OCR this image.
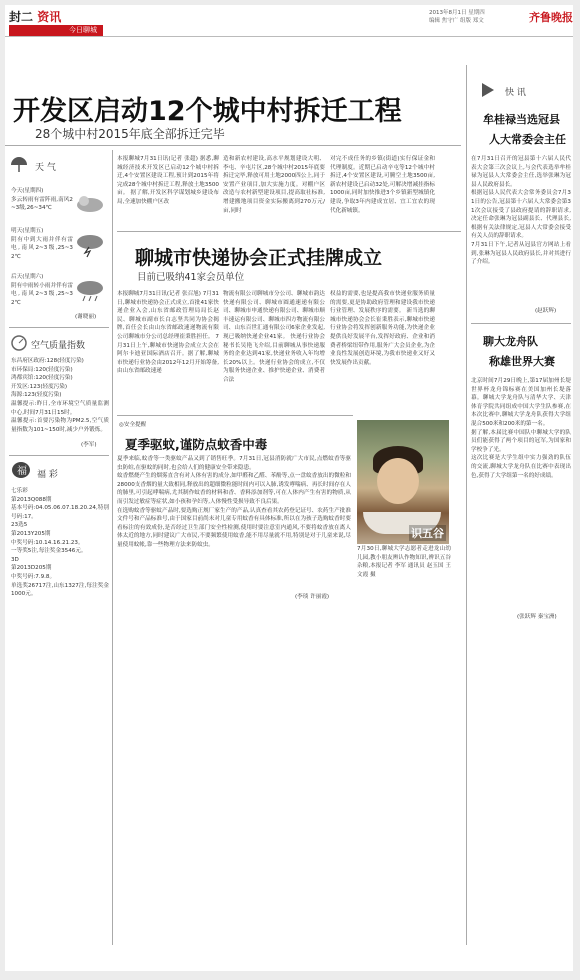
封二 资讯
今日聊城
2013年8月1日 星期四
编辑 焦守广 组版 郑文	齐鲁晚报
开发区启动12个城中村拆迁工程
28个城中村2015年底全部拆迁完毕
本报聊城7月31日讯(记者 张超) 据悉,聊城经济技术开发区已启动12个城中村拆迁,4个安置区建设工程,预计到2015年将完成28个城中村拆迁工程,释放土地3500亩。 据了解,开发区科学谋划城乡建设布局,全速加快棚户区改
造和新农村建设,高水平规划建设大明、李屯、辛屯片区,28个城中村2015年底要拆迁完毕,释放可用土地2000四公上,同于安置产业项目,加大实施力度。对棚户区改造与农村新型建设项目,提高取社标准,增建搬地项目资金实际搬离到270万元/亩,同时
对完不成任务的乡镇(街道)实行保证金和代理制度。近期已启动辛屯等12个城中村拆迁,4个安置区建设,可腾空土地3500亩,新农村建设已启动32处,可解决增减挂指标1000亩,同时加快推进3个乡镇新型城镇化建设,争取3年内建成宜居、宜工宜农的现代化新城镇。
天 气
今天(星期四)
多云转雨有雷阵雨,南风2~3级,26~34℃
明天(星期五)
阴有中到大雨并伴有雷电,南风2~3级,25~32℃
后天(星期六)
阴有中雨转小雨并伴有雷电,南风2~3级,25~32℃
(谢晓丽)
空气质量指数
东昌府区政府:128(轻度污染)
市环保局:120(轻度污染)
鸿都宾馆:120(轻度污染)
开发区:123(轻度污染)
海源:123(轻度污染)
温馨提示:昨日,全市环境空气质量监测中心,时间7月31日15时。
温馨提示:首要污染物为PM2.5,空气质量指数为101~150时,减少户外锻炼。
(李军)
福 福 彩
七乐彩
第2013Q088期
基本号码:04.05.06.07.18.20.24,特别号码:17。
23选5
第2013Y205期
中奖号码:10.14.16.21.23。
一等奖5注,每注奖金3546元。
3D
第2013D205期
中奖号码:7.9.8。
单选奖26717注,山东1327注,每注奖金1000元。
聊城市快递协会正式挂牌成立
目前已吸纳41家会员单位
本报聊城7月31日讯(记者 张召旭) 7月31日,聊城市快递协会正式成立,首批41家快递企业入会,山东省邮政管理局局长赵民、聊城市副市长白志坚共同为协会揭牌,首任会长由山东省邮政速递物流有限公司聊城市分公司总经理崔秉胜担任。 7月31日上午,聊城市快递协会成立大会在阿尔卡迪亚国际酒店召开。据了解,聊城市快递行业协会由2012年12月开始筹备,由山东省邮政速递
物流有限公司聊城市分公司、聊城市韵达快递有限公司、聊城市圆通速递有限公司、聊城市申通快递有限公司、聊城市顺丰速运有限公司、聊城市四方物流有限公司、山东百世汇通有限公司6家企业发起,现已吸纳快递企业41家。 快递行业协会秘书长吴艳飞介绍,目前聊城从事快递服务的企业达到41家,快递业务收入年均增长20%以上。快递行业协会的成立,不仅为服务快递企业、推护快递企业、消费者合法
权益的需要,也是提高我市快递业服务质量的需要,更是协助政府管理和建设我市快递行业管理、发展秩序的需要。 新当选的聊城市快递协会会长崔秉胜表示,聊城市快递行业协会将发挥创新服务功能,为快递企业提供良好发展平台,发挥好政府、企业和消费者桥梁纽带作用,服务广大会员企业,为企业良性发展创造环境,为我市快递业又好又快发展作出贡献。
◎安全提醒
夏季驱蚊,谨防点蚊香中毒
夏季来临,蚊香等一类驱蚊产品又到了销售旺季。7月31日,冠县消防就广大市民,点燃蚊香等驱虫防蛀,在驱蚊的同时,也会给人们的健康安全带来隐患。
蚊香燃烧产生的烟雾直含有对人体有害的成分,如甲醛和乙醛、苯酚等,点一盘蚊香放出的微粒和28000支香烟的量大致相同,释放出的超细微粒能时间内可以入肺,诱发哮喘病、再长时间存在人的肺里,可引起哮喘病,尤其制作蚊香的材料和香、香料添加剂等,可在人体内产生有害的物质,从而引发过敏症等症状,如小孩和孕妇等,人体慢性受损导致不良后果。
在选购蚊香等驱蚊产品时,要选购正规厂家生产的产品,认真查看其农药登记证号、农药生产批准文件号和产品标准号,由于国家目前尚未对儿童专用蚊香有具体标准,所以在为孩子选购蚊香时要看标注的有效成份,是否经过卫生部门安全性检测,使用时要注意室内通风,不要将蚊香放在离人体太近的地方,同时建议广大市民,不要频繁使用蚊香,能不用尽量就不用,特别是对于儿童来说,尽量使用蚊帐,靠一些物理方法来防蚊虫。
(李琰 许丽霞)
识五谷
7月30日,聊城大学志愿者走进龙山幼儿园,教小朋友辨认作物知识,辨识五谷杂粮,本报记者 李军 通讯员 赵玉国 王文霞 摄
快 讯
牟桂禄当选冠县
人大常委会主任
在7月31日召开的冠县第十六届人民代表大会第三次会议上,与会代表选举牟桂禄为冠县人大常委会主任,选举张琳为冠县人民政府县长。
根据冠县人民代表大会常务委员会7月31日的公告,冠县第十六届人大常委会第31次会议接受了县政府提请的辞职请求,决定任命张琳为冠县副县长、代理县长,根据有关法律规定,冠县人大常委会接受有关人员的辞职请求。
7月31日下午,记者从冠县官方网站上看到,张琳为冠县人民政府县长,并对其进行了介绍。
(赵跃辉)
聊大龙舟队
称雄世界大赛
北京时间7月29日晚上,第17届加州长堤世界杯龙舟锦标赛在美国加州长堤落幕。聊城大学龙舟队与清华大学、天津体育学院共同组成中国大学生队参赛,在本次比赛中,聊城大学龙舟队获得大学组混合500米和200米的第一名。
据了解,本届比赛中国队中聊城大学的队员们能获得了两个项目的冠军,为国家和学校争了光。
这次比赛是大学生组中实力强劲的队伍的交流,聊城大学龙舟队在比赛中表现出色,获得了大学组第一名的好成绩。
(张跃辉 秦宝洲)
